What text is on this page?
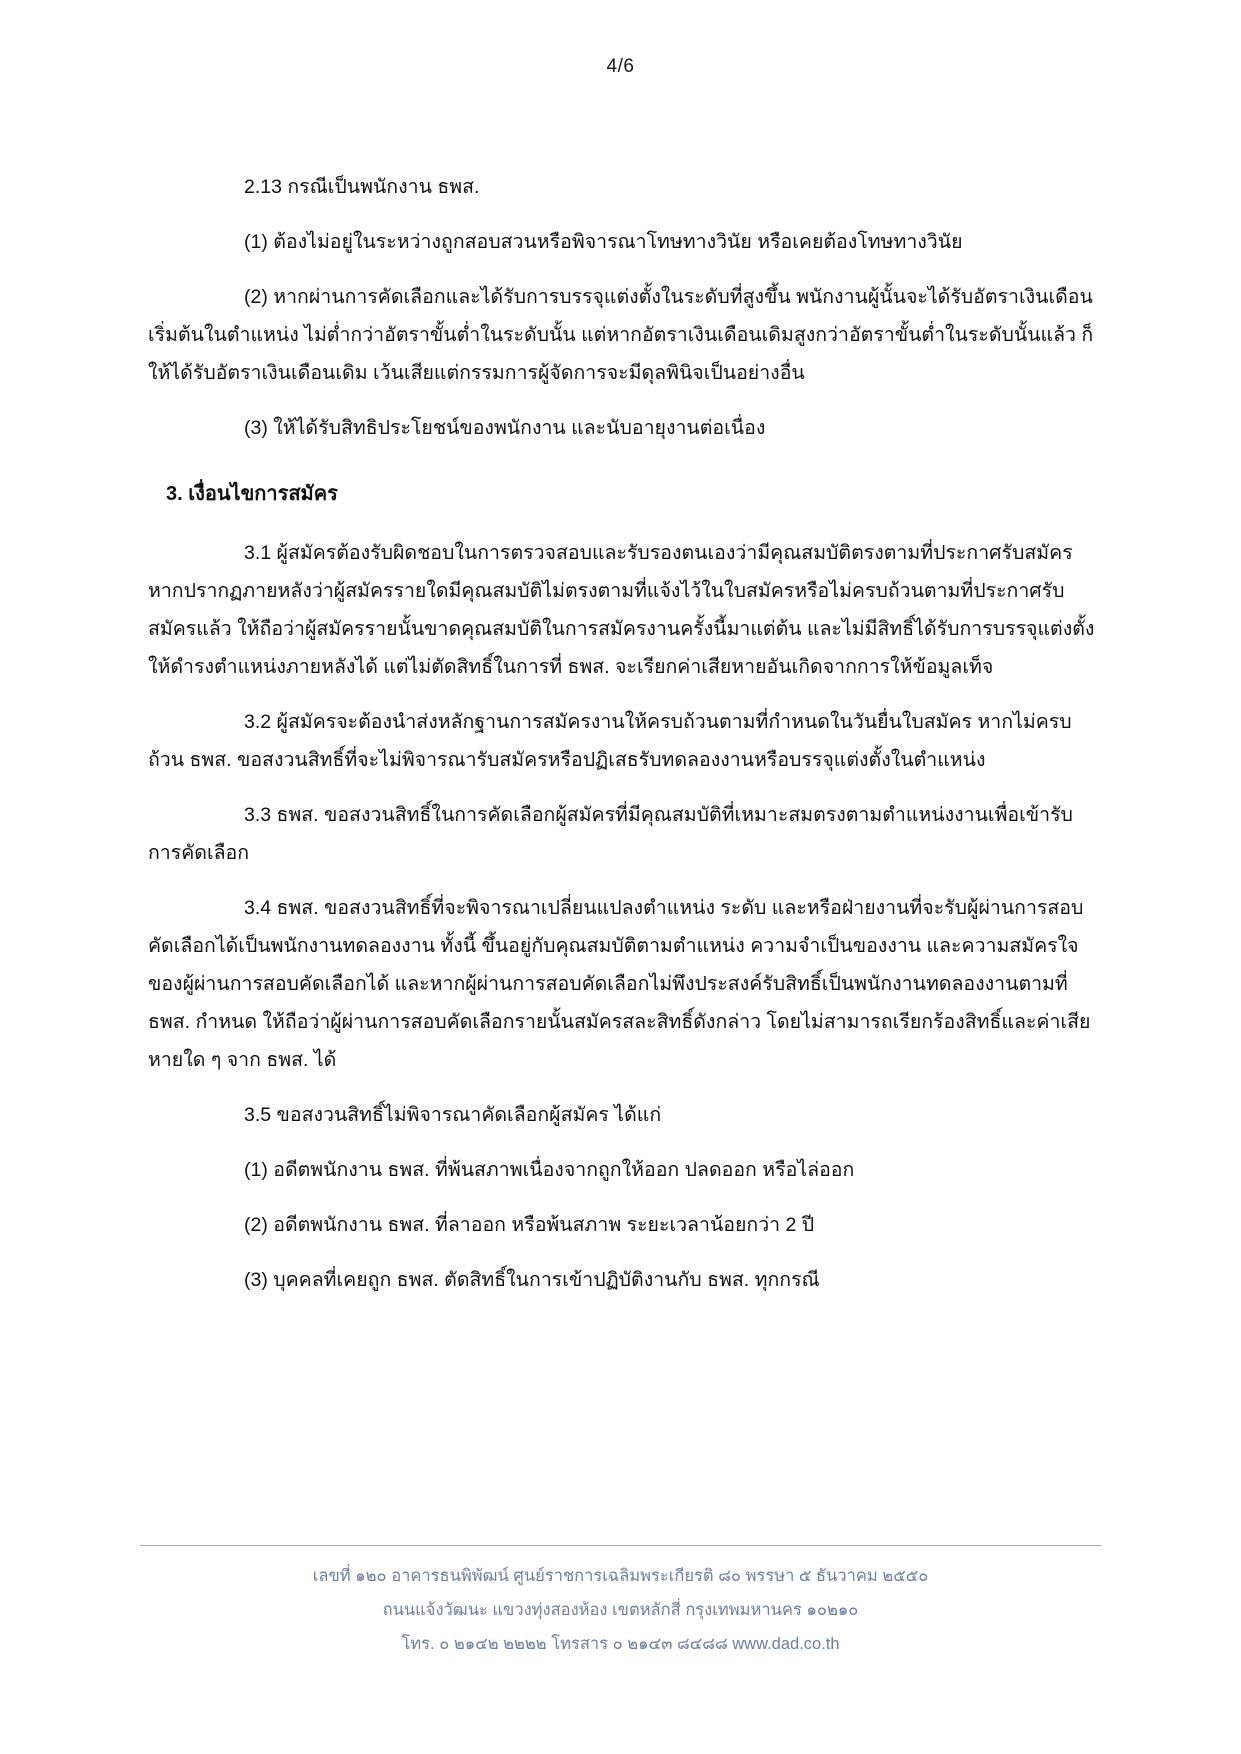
4/6

2.13 กรณีเป็นพนักงาน ธพส.

(1) ต้องไม่อยู่ในระหว่างถูกสอบสวนหรือพิจารณาโทษทางวินัย หรือเคยต้องโทษทางวินัย

(2) หากผ่านการคัดเลือกและได้รับการบรรจุแต่งตั้งในระดับที่สูงขึ้น พนักงานผู้นั้นจะได้รับอัตราเงินเดือนเริ่มต้นในตำแหน่ง ไม่ต่ำกว่าอัตราขั้นต่ำในระดับนั้น แต่หากอัตราเงินเดือนเดิมสูงกว่าอัตราขั้นต่ำในระดับนั้นแล้ว ก็ให้ได้รับอัตราเงินเดือนเดิม เว้นเสียแต่กรรมการผู้จัดการจะมีดุลพินิจเป็นอย่างอื่น

(3) ให้ได้รับสิทธิประโยชน์ของพนักงาน และนับอายุงานต่อเนื่อง

3. เงื่อนไขการสมัคร

3.1 ผู้สมัครต้องรับผิดชอบในการตรวจสอบและรับรองตนเองว่ามีคุณสมบัติตรงตามที่ประกาศรับสมัคร หากปรากฏภายหลังว่าผู้สมัครรายใดมีคุณสมบัติไม่ตรงตามที่แจ้งไว้ในใบสมัครหรือไม่ครบถ้วนตามที่ประกาศรับสมัครแล้ว ให้ถือว่าผู้สมัครรายนั้นขาดคุณสมบัติในการสมัครงานครั้งนี้มาแต่ต้น และไม่มีสิทธิ์ได้รับการบรรจุแต่งตั้งให้ดำรงตำแหน่งภายหลังได้ แต่ไม่ตัดสิทธิ์ในการที่ ธพส. จะเรียกค่าเสียหายอันเกิดจากการให้ข้อมูลเท็จ

3.2 ผู้สมัครจะต้องนำส่งหลักฐานการสมัครงานให้ครบถ้วนตามที่กำหนดในวันยื่นใบสมัคร หากไม่ครบถ้วน ธพส. ขอสงวนสิทธิ์ที่จะไม่พิจารณารับสมัครหรือปฏิเสธรับทดลองงานหรือบรรจุแต่งตั้งในตำแหน่ง

3.3 ธพส. ขอสงวนสิทธิ์ในการคัดเลือกผู้สมัครที่มีคุณสมบัติที่เหมาะสมตรงตามตำแหน่งงานเพื่อเข้ารับการคัดเลือก

3.4 ธพส. ขอสงวนสิทธิ์ที่จะพิจารณาเปลี่ยนแปลงตำแหน่ง ระดับ และหรือฝ่ายงานที่จะรับผู้ผ่านการสอบคัดเลือกได้เป็นพนักงานทดลองงาน ทั้งนี้ ขึ้นอยู่กับคุณสมบัติตามตำแหน่ง ความจำเป็นของงาน และความสมัครใจของผู้ผ่านการสอบคัดเลือกได้ และหากผู้ผ่านการสอบคัดเลือกไม่พึงประสงค์รับสิทธิ์เป็นพนักงานทดลองงานตามที่ ธพส. กำหนด ให้ถือว่าผู้ผ่านการสอบคัดเลือกรายนั้นสมัครสละสิทธิ์ดังกล่าว โดยไม่สามารถเรียกร้องสิทธิ์และค่าเสียหายใด ๆ จาก ธพส. ได้

3.5 ขอสงวนสิทธิ์ไม่พิจารณาคัดเลือกผู้สมัคร ได้แก่

(1) อดีตพนักงาน ธพส. ที่พ้นสภาพเนื่องจากถูกให้ออก ปลดออก หรือไล่ออก

(2) อดีตพนักงาน ธพส. ที่ลาออก หรือพ้นสภาพ ระยะเวลาน้อยกว่า 2 ปี

(3) บุคคลที่เคยถูก ธพส. ตัดสิทธิ์ในการเข้าปฏิบัติงานกับ ธพส. ทุกกรณี

เลขที่ ๑๒๐ อาคารธนพิพัฒน์ ศูนย์ราชการเฉลิมพระเกียรติ ๘๐ พรรษา ๕ ธันวาคม ๒๕๕๐
ถนนแจ้งวัฒนะ แขวงทุ่งสองห้อง เขตหลักสี่ กรุงเทพมหานคร ๑๐๒๑๐
โทร. ๐ ๒๑๔๒ ๒๒๒๒ โทรสาร ๐ ๒๑๔๓ ๘๔๘๘ www.dad.co.th
